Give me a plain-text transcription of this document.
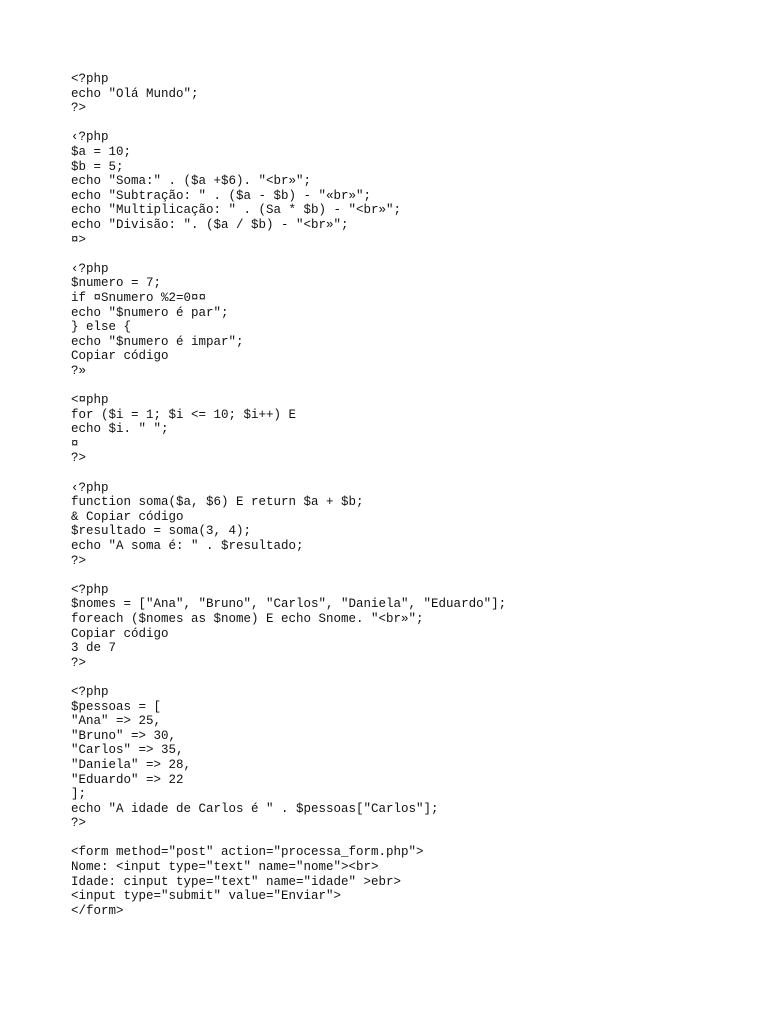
<?php
echo "Olá Mundo";
?>
‹?php
$a = 10;
$b = 5;
echo "Soma:" . ($a +$6). "<br»";
echo "Subtração: " . ($a - $b) - "«br»";
echo "Multiplicação: " . (Sa * $b) - "<br»";
echo "Divisão: ". ($a / $b) - "<br»";
¤>
‹?php
$numero = 7;
if ¤Snumero %2=0¤¤
echo "$numero é par";
} else {
echo "$numero é impar";
Copiar código
?»
<¤php
for ($i = 1; $i <= 10; $i++) E
echo $i. " ";
¤
?>
‹?php
function soma($a, $6) E return $a + $b;
& Copiar código
$resultado = soma(3, 4);
echo "A soma é: " . $resultado;
?>
<?php
$nomes = ["Ana", "Bruno", "Carlos", "Daniela", "Eduardo"];
foreach ($nomes as $nome) E echo Snome. "<br»";
Copiar código
3 de 7
?>
<?php
$pessoas = [
"Ana" => 25,
"Bruno" => 30,
"Carlos" => 35,
"Daniela" => 28,
"Eduardo" => 22
];
echo "A idade de Carlos é " . $pessoas["Carlos"];
?>
<form method="post" action="processa_form.php">
Nome: <input type="text" name="nome"><br>
Idade: cinput type="text" name="idade" >ebr>
<input type="submit" value="Enviar">
</form>
